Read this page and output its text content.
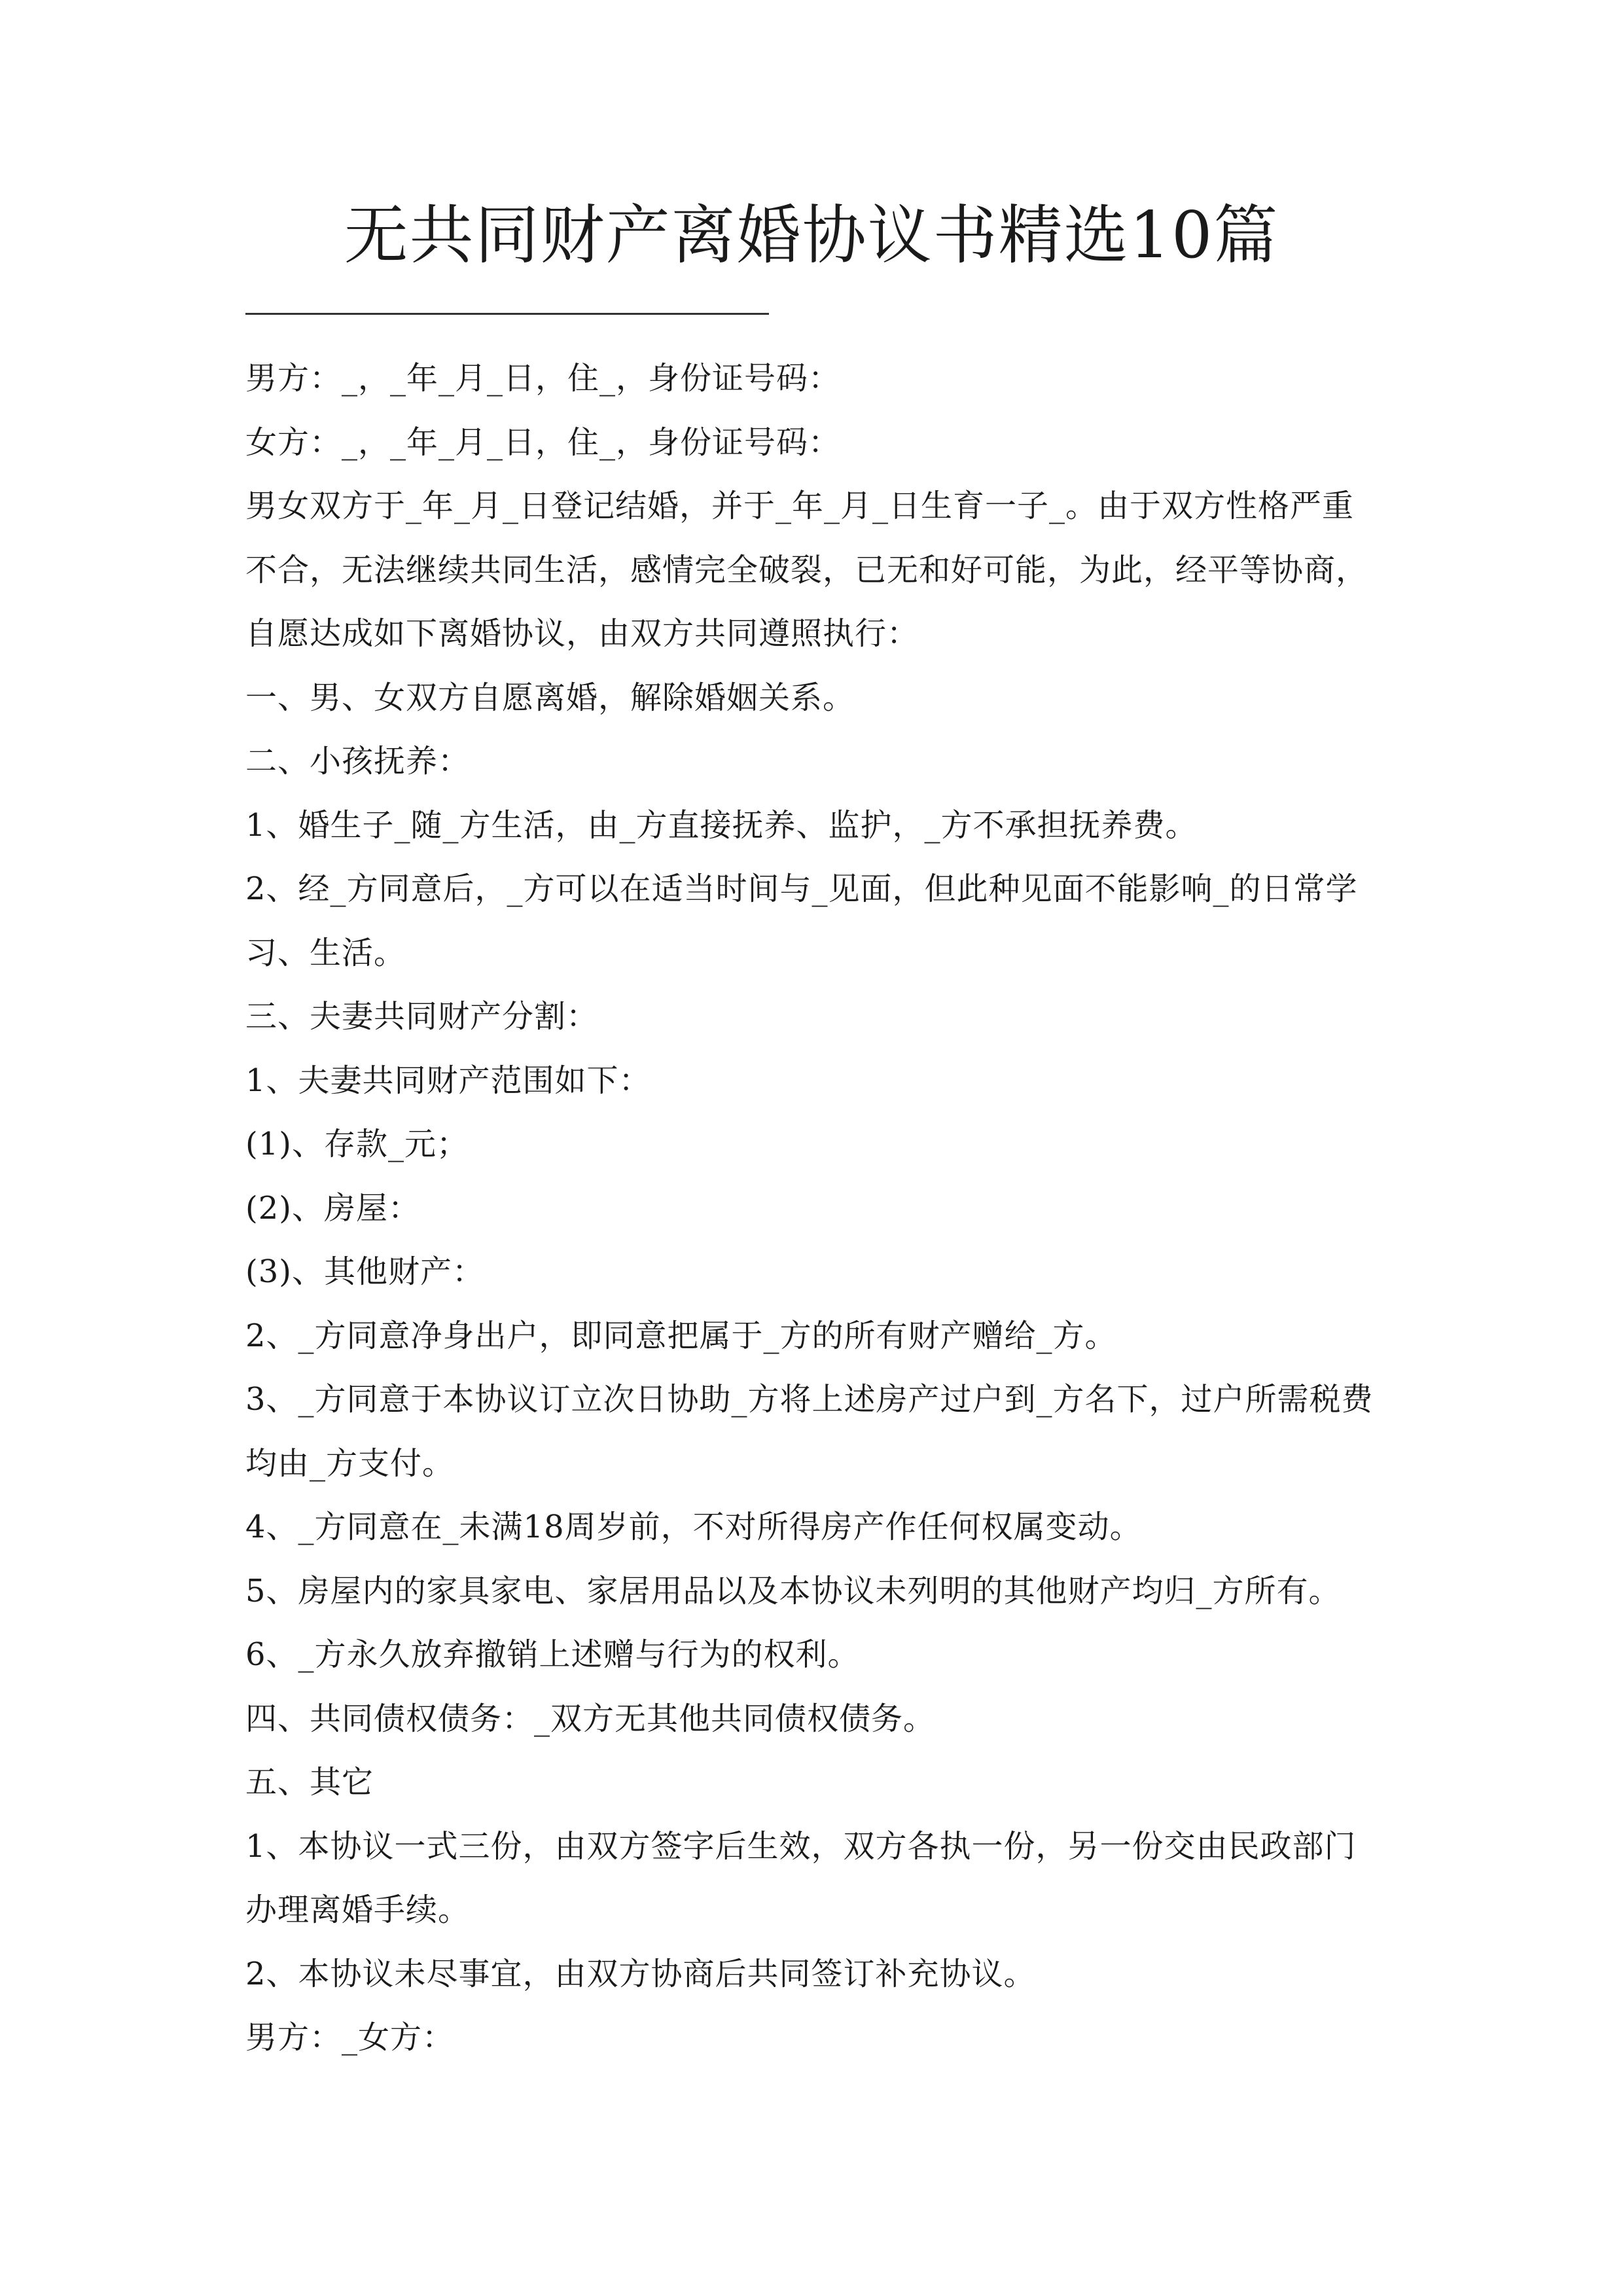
无共同财产离婚协议书精选10篇
男方：_，_年_月_日，住_，身份证号码：
女方：_，_年_月_日，住_，身份证号码：
男女双方于_年_月_日登记结婚，并于_年_月_日生育一子_。由于双方性格严重
不合，无法继续共同生活，感情完全破裂，已无和好可能，为此，经平等协商，
自愿达成如下离婚协议，由双方共同遵照执行：
一、男、女双方自愿离婚，解除婚姻关系。
二、小孩抚养：
1、婚生子_随_方生活，由_方直接抚养、监护，_方不承担抚养费。
2、经_方同意后，_方可以在适当时间与_见面，但此种见面不能影响_的日常学
习、生活。
三、夫妻共同财产分割：
1、夫妻共同财产范围如下：
(1)、存款_元；
(2)、房屋：
(3)、其他财产：
2、_方同意净身出户，即同意把属于_方的所有财产赠给_方。
3、_方同意于本协议订立次日协助_方将上述房产过户到_方名下，过户所需税费
均由_方支付。
4、_方同意在_未满18周岁前，不对所得房产作任何权属变动。
5、房屋内的家具家电、家居用品以及本协议未列明的其他财产均归_方所有。
6、_方永久放弃撤销上述赠与行为的权利。
四、共同债权债务：_双方无其他共同债权债务。
五、其它
1、本协议一式三份，由双方签字后生效，双方各执一份，另一份交由民政部门
办理离婚手续。
2、本协议未尽事宜，由双方协商后共同签订补充协议。
男方：_女方：
